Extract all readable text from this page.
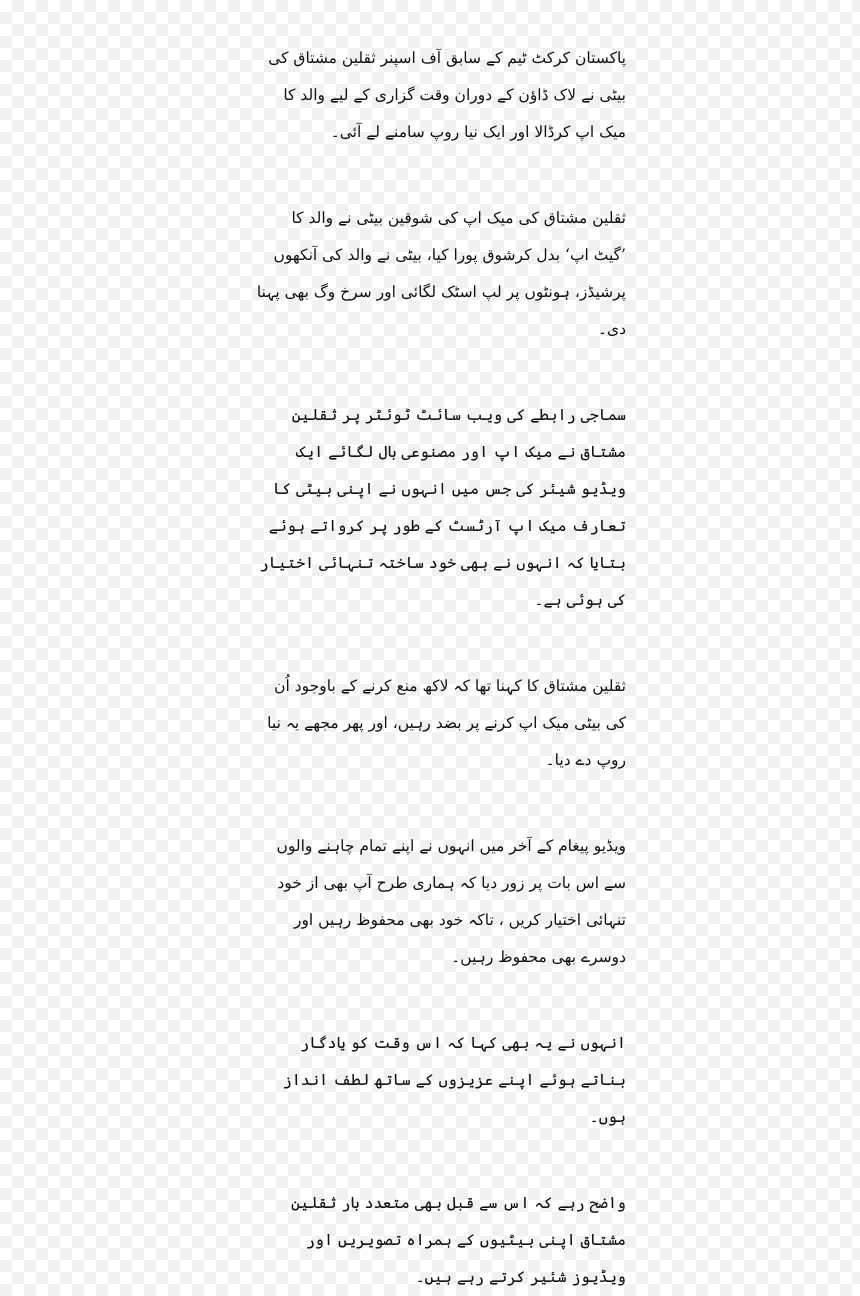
پاکستان کرکٹ ٹیم کے سابق آف اسپنر ثقلین مشتاق کی بیٹی نے لاک ڈاؤن کے دوران وقت گزاری کے لیے والد کا میک اپ کرڈالا اور ایک نیا روپ سامنے لے آئی۔

ثقلین مشتاق کی میک اپ کی شوقین بیٹی نے والد کا ’گیٹ اپ‘ بدل کرشوق پورا کیا، بیٹی نے والد کی آنکھوں پرشیڈز، ہونٹوں پر لپ اسٹک لگائی اور سرخ وگ بھی پہنا دی۔

سماجی رابطے کی ویب سائٹ ٹوئٹر پر ثقلین مشتاق نے میک اپ اور مصنوعی بال لگائے ایک ویڈیو شیئر کی جس میں انہوں نے اپنی بیٹی کا تعارف میک اپ آرٹسٹ کے طور پر کرواتے ہوئے بتایا کہ انہوں نے بھی خود ساختہ تنہائی اختیار کی ہوئی ہے۔

ثقلین مشتاق کا کہنا تھا کہ لاکھ منع کرنے کے باوجود اُن کی بیٹی میک اپ کرنے پر بضد رہیں، اور پھر مجھے یہ نیا روپ دے دیا۔

ویڈیو پیغام کے آخر میں انہوں نے اپنے تمام چاہنے والوں سے اس بات پر زور دیا کہ ہماری طرح آپ بھی از خود تنہائی اختیار کریں ، تاکہ خود بھی محفوظ رہیں اور دوسرے بھی محفوظ رہیں۔

انہوں نے یہ بھی کہا کہ اس وقت کو یادگار بناتے ہوئے اپنے عزیزوں کے ساتھ لطف انداز ہوں۔

واضح رہے کہ اس سے قبل بھی متعدد بار ثقلین مشتاق اپنی بیٹیوں کے ہمراہ تصویریں اور ویڈیوز شئیر کرتے رہے ہیں۔
